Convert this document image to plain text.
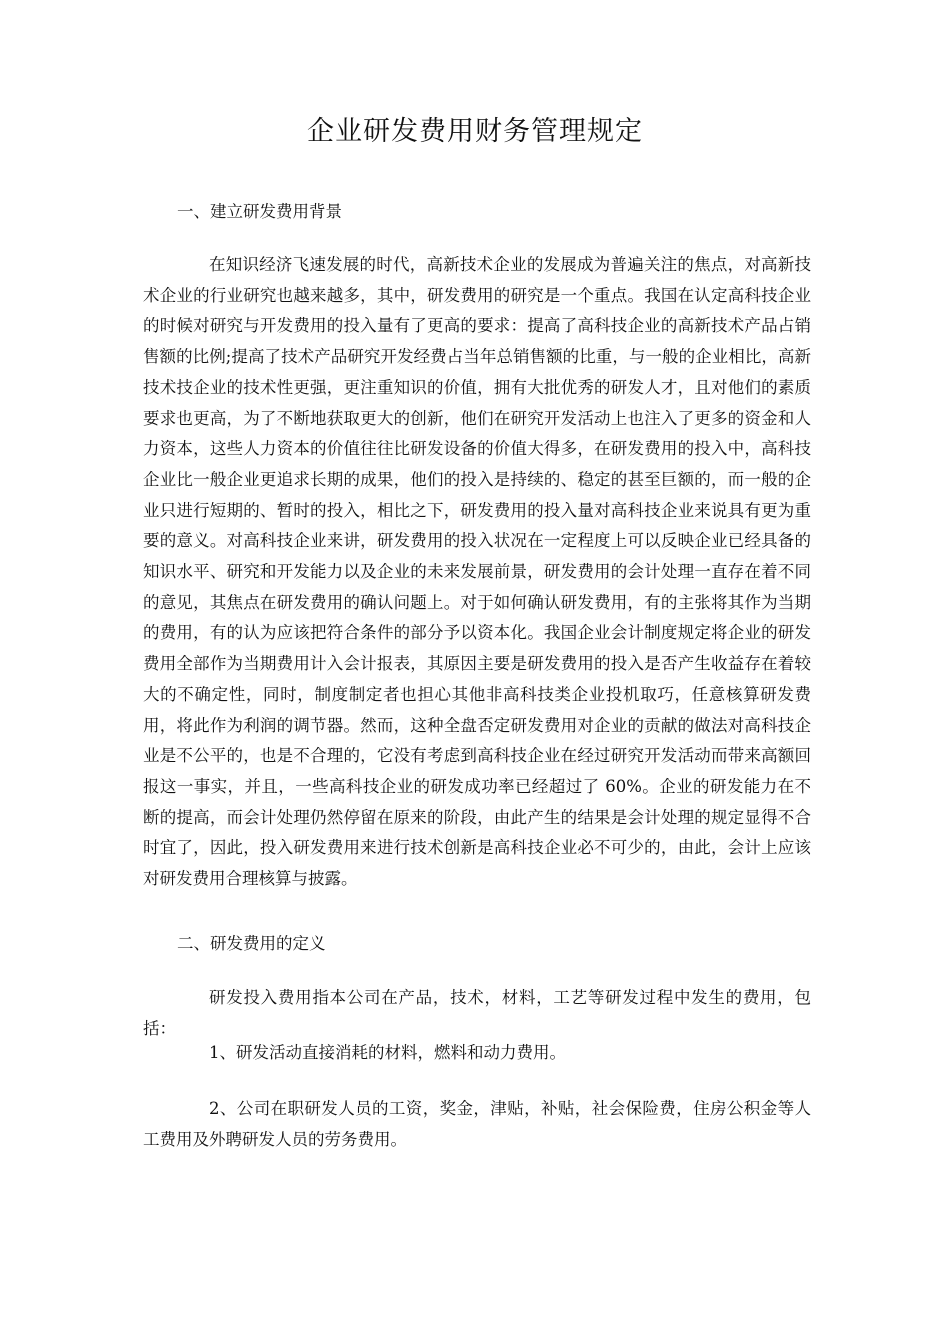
企业研发费用财务管理规定

一、建立研发费用背景

在知识经济飞速发展的时代，高新技术企业的发展成为普遍关注的焦点，对高新技术企业的行业研究也越来越多，其中，研发费用的研究是一个重点。我国在认定高科技企业的时候对研究与开发费用的投入量有了更高的要求：提高了高科技企业的高新技术产品占销售额的比例;提高了技术产品研究开发经费占当年总销售额的比重，与一般的企业相比，高新技术技企业的技术性更强，更注重知识的价值，拥有大批优秀的研发人才，且对他们的素质要求也更高，为了不断地获取更大的创新，他们在研究开发活动上也注入了更多的资金和人力资本，这些人力资本的价值往往比研发设备的价值大得多，在研发费用的投入中，高科技企业比一般企业更追求长期的成果，他们的投入是持续的、稳定的甚至巨额的，而一般的企业只进行短期的、暂时的投入，相比之下，研发费用的投入量对高科技企业来说具有更为重要的意义。对高科技企业来讲，研发费用的投入状况在一定程度上可以反映企业已经具备的知识水平、研究和开发能力以及企业的未来发展前景，研发费用的会计处理一直存在着不同的意见，其焦点在研发费用的确认问题上。对于如何确认研发费用，有的主张将其作为当期的费用，有的认为应该把符合条件的部分予以资本化。我国企业会计制度规定将企业的研发费用全部作为当期费用计入会计报表，其原因主要是研发费用的投入是否产生收益存在着较大的不确定性，同时，制度制定者也担心其他非高科技类企业投机取巧，任意核算研发费用，将此作为利润的调节器。然而，这种全盘否定研发费用对企业的贡献的做法对高科技企业是不公平的，也是不合理的，它没有考虑到高科技企业在经过研究开发活动而带来高额回报这一事实，并且，一些高科技企业的研发成功率已经超过了 60%。企业的研发能力在不断的提高，而会计处理仍然停留在原来的阶段，由此产生的结果是会计处理的规定显得不合时宜了，因此，投入研发费用来进行技术创新是高科技企业必不可少的，由此，会计上应该对研发费用合理核算与披露。

二、研发费用的定义

研发投入费用指本公司在产品，技术，材料，工艺等研发过程中发生的费用，包括：

1、研发活动直接消耗的材料，燃料和动力费用。

2、公司在职研发人员的工资，奖金，津贴，补贴，社会保险费，住房公积金等人工费用及外聘研发人员的劳务费用。
